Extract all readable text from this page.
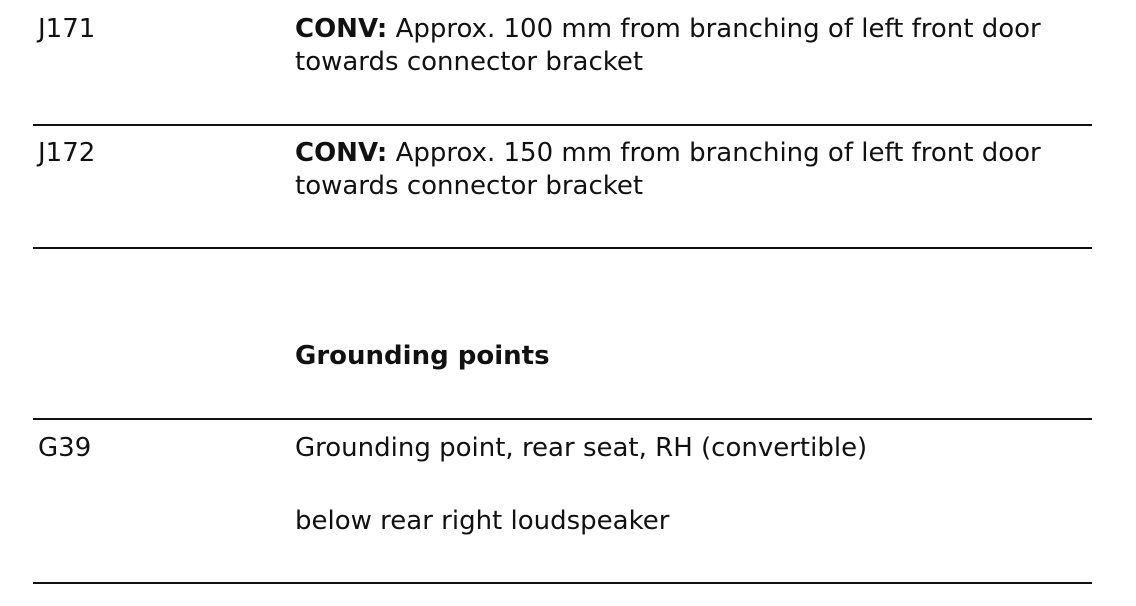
J171	CONV: Approx. 100 mm from branching of left front door towards connector bracket
J172	CONV: Approx. 150 mm from branching of left front door towards connector bracket
Grounding points
G39	Grounding point, rear seat, RH (convertible)
below rear right loudspeaker
